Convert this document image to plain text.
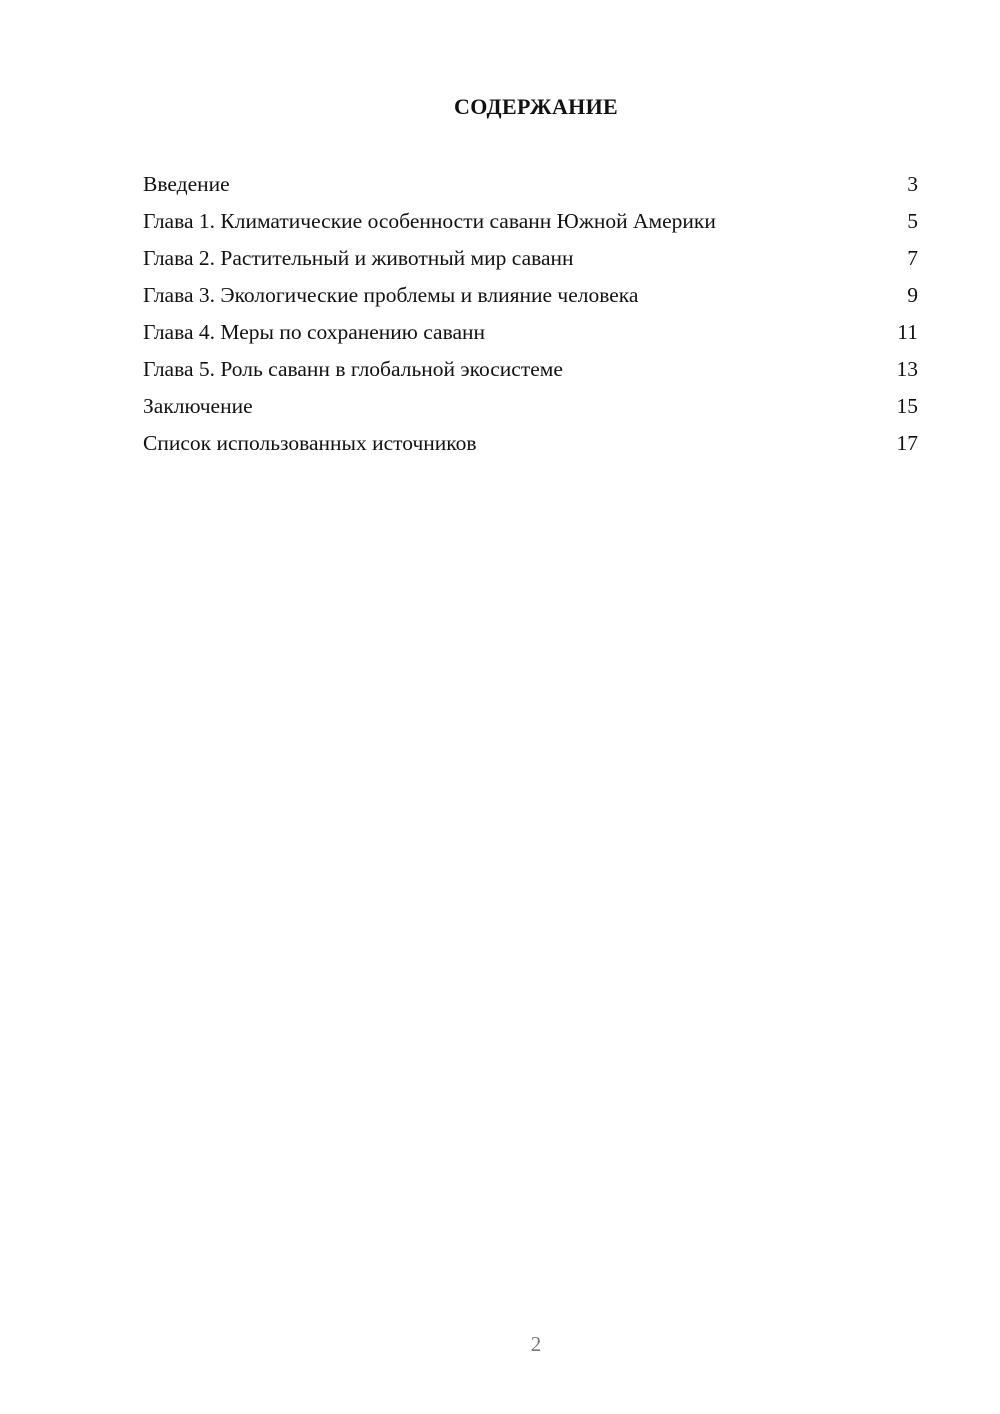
СОДЕРЖАНИЕ
Введение	3
Глава 1. Климатические особенности саванн Южной Америки	5
Глава 2. Растительный и животный мир саванн	7
Глава 3. Экологические проблемы и влияние человека	9
Глава 4. Меры по сохранению саванн	11
Глава 5. Роль саванн в глобальной экосистеме	13
Заключение	15
Список использованных источников	17
2
